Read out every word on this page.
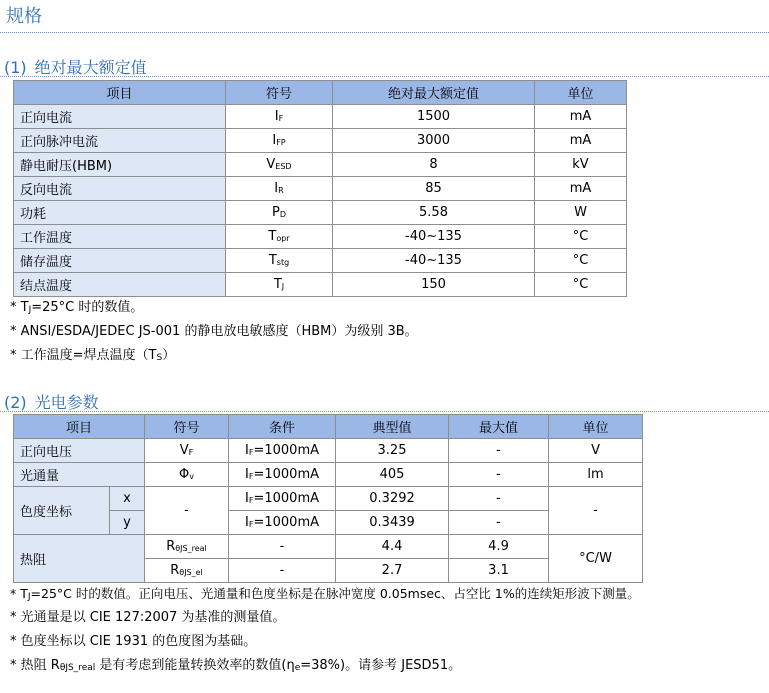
规格
(1) 绝对最大额定值
项目	符号	绝对最大额定值	单位
正向电流	IF	1500	mA
正向脉冲电流	IFP	3000	mA
静电耐压(HBM)	VESD	8	kV
反向电流	IR	85	mA
功耗	PD	5.58	W
工作温度	Topr	-40~135	°C
储存温度	Tstg	-40~135	°C
结点温度	TJ	150	°C
* TJ=25°C 时的数值。
* ANSI/ESDA/JEDEC JS-001 的静电放电敏感度（HBM）为级别 3B。
* 工作温度=焊点温度（TS）
(2) 光电参数
项目		符号	条件	典型值	最大值	单位
正向电压		VF	IF=1000mA	3.25	-	V
光通量		Φv	IF=1000mA	405	-	lm
色度坐标	x	-	IF=1000mA	0.3292	-	-
	y		IF=1000mA	0.3439	-	
热阻		RθJS_real	-	4.4	4.9	°C/W
		RθJS_el	-	2.7	3.1	
* TJ=25°C 时的数值。正向电压、光通量和色度坐标是在脉冲宽度 0.05msec、占空比 1%的连续矩形波下测量。
* 光通量是以 CIE 127:2007 为基准的测量值。
* 色度坐标以 CIE 1931 的色度图为基础。
* 热阻 RθJS_real 是有考虑到能量转换效率的数值(ηe=38%)。请参考 JESD51。
